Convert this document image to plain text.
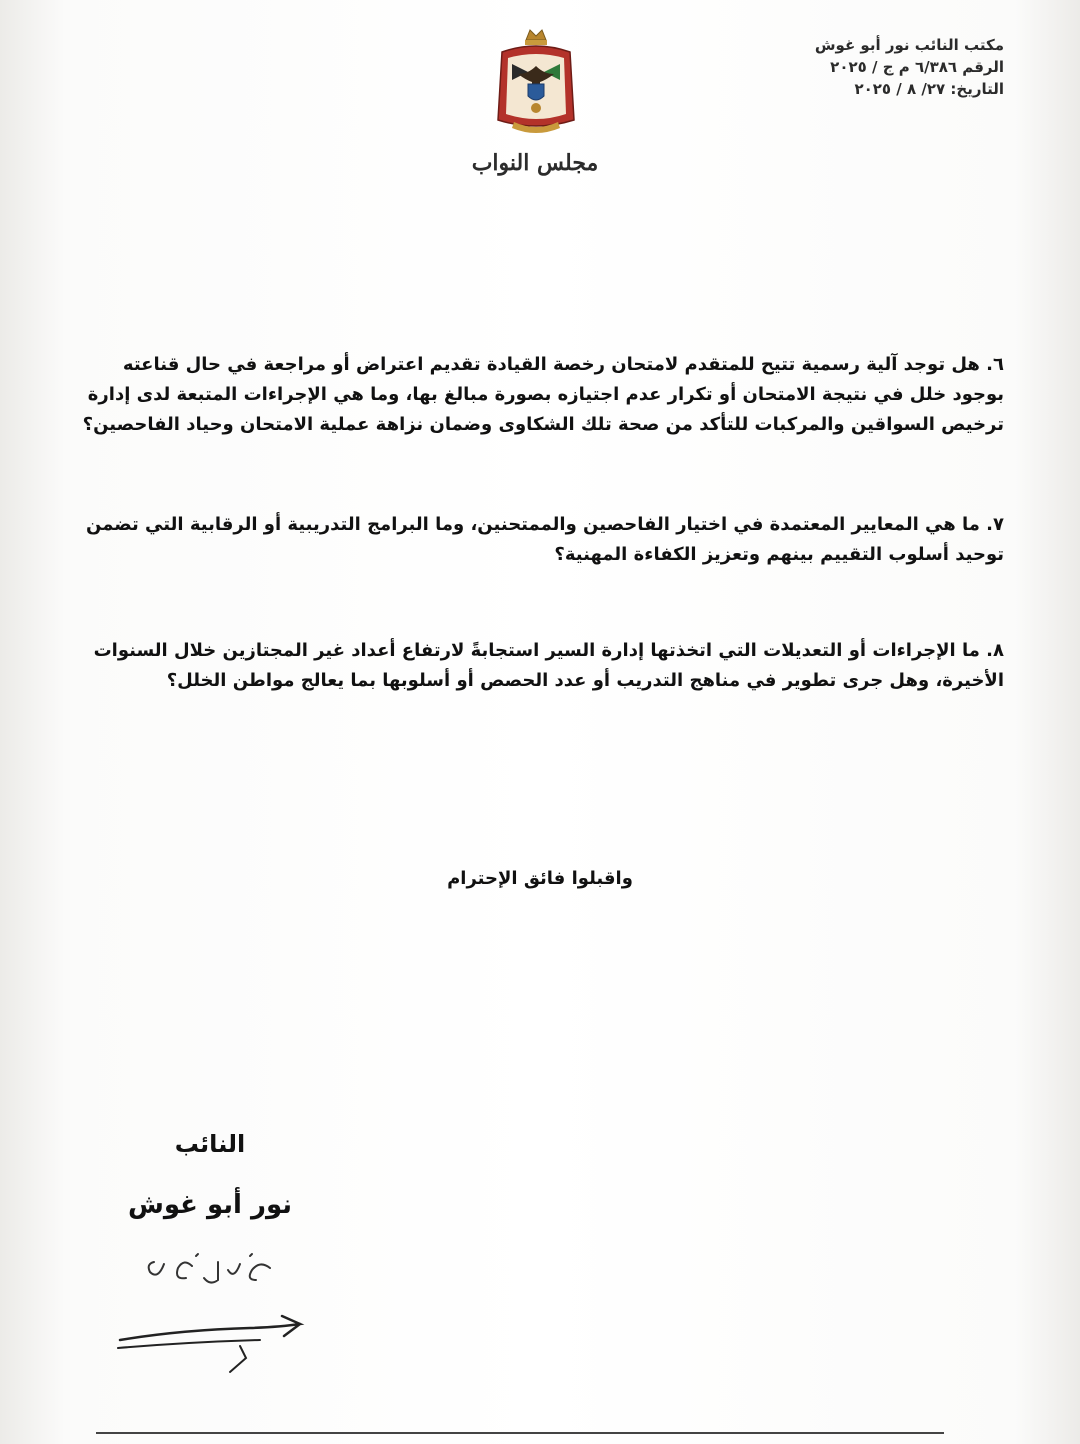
مكتب النائب نور أبو غوش
الرقم ٦/٣٨٦ م ج / ٢٠٢٥
التاريخ: ٢٧/ ٨ / ٢٠٢٥
مجلس النواب
٦. هل توجد آلية رسمية تتيح للمتقدم لامتحان رخصة القيادة تقديم اعتراض أو مراجعة في حال قناعته بوجود خلل في نتيجة الامتحان أو تكرار عدم اجتيازه بصورة مبالغ بها، وما هي الإجراءات المتبعة لدى إدارة ترخيص السواقين والمركبات للتأكد من صحة تلك الشكاوى وضمان نزاهة عملية الامتحان وحياد الفاحصين؟
٧. ما هي المعايير المعتمدة في اختيار الفاحصين والممتحنين، وما البرامج التدريبية أو الرقابية التي تضمن توحيد أسلوب التقييم بينهم وتعزيز الكفاءة المهنية؟
٨. ما الإجراءات أو التعديلات التي اتخذتها إدارة السير استجابةً لارتفاع أعداد غير المجتازين خلال السنوات الأخيرة، وهل جرى تطوير في مناهج التدريب أو عدد الحصص أو أسلوبها بما يعالج مواطن الخلل؟
واقبلوا فائق الإحترام
النائب
نور أبو غوش
